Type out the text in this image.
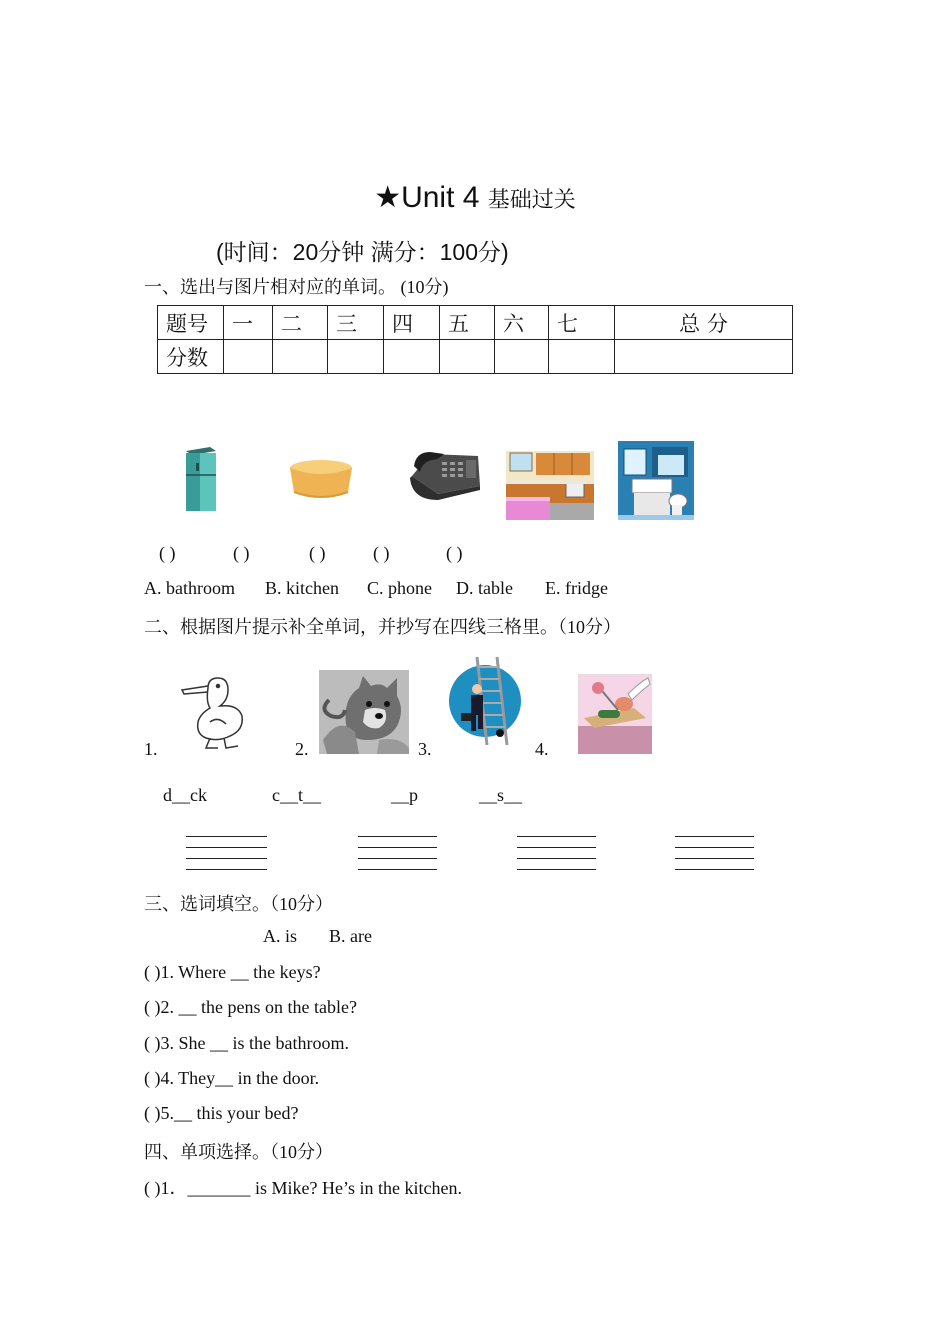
★Unit 4 基础过关
(时间：20分钟 满分：100分)
一、选出与图片相对应的单词。 (10分)
题号	一	二	三	四	五	六	七	总 分
分数								
( )	( )	( )	( )	( )
A. bathroom B. kitchen C. phone D. table E. fridge
二、根据图片提示补全单词，并抄写在四线三格里。（10分）
1.	2.	3.	4.
d__ck	c__t__	__p	__s__
三、选词填空。（10分）
A. is B. are
( )1. Where __ the keys?
( )2. __ the pens on the table?
( )3. She __ is the bathroom.
( )4. They__ in the door.
( )5.__ this your bed?
四、单项选择。（10分）
( )1．_______ is Mike? He’s in the kitchen.
